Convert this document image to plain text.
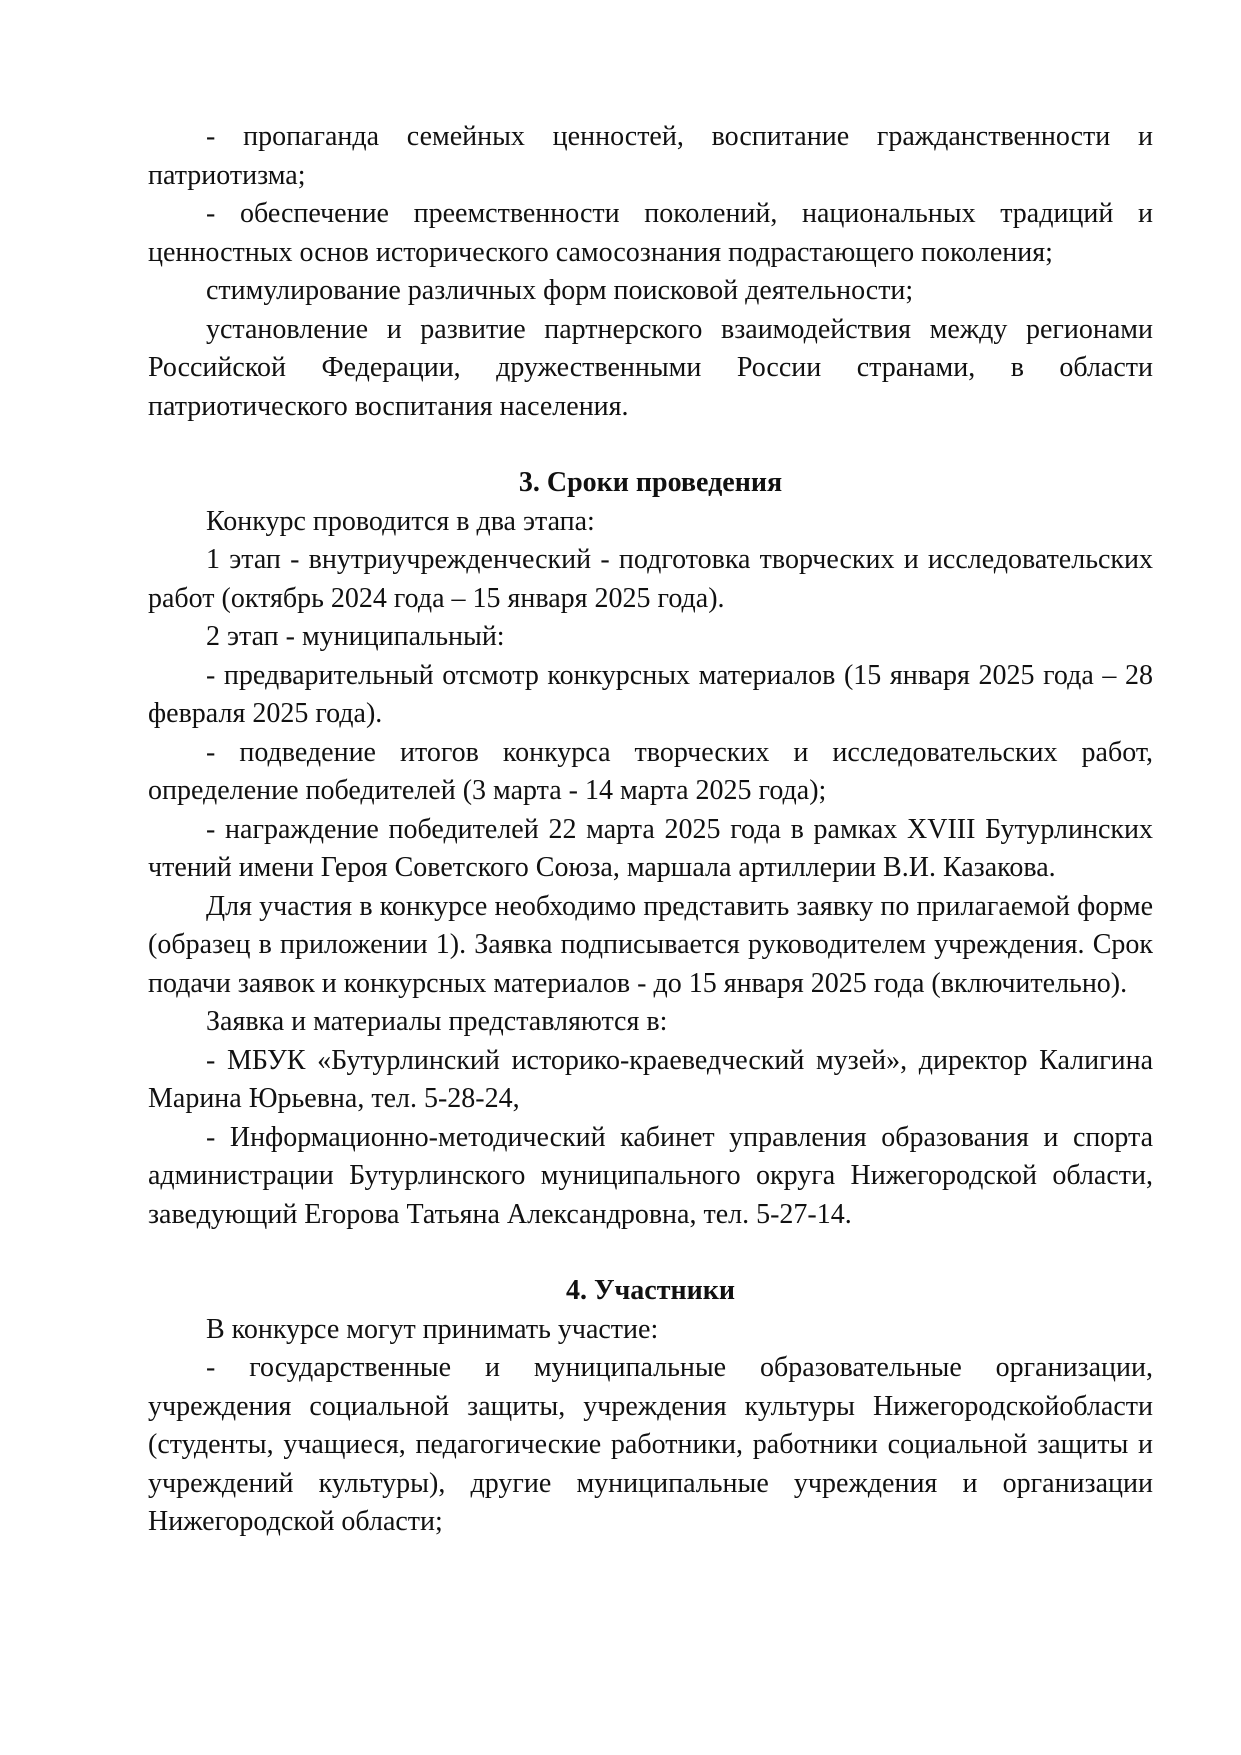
- пропаганда семейных ценностей, воспитание гражданственности и патриотизма;

- обеспечение преемственности поколений, национальных традиций и ценностных основ исторического самосознания подрастающего поколения;

стимулирование различных форм поисковой деятельности;

установление и развитие партнерского взаимодействия между регионами Российской Федерации, дружественными России странами, в области патриотического воспитания населения.

3. Сроки проведения

Конкурс проводится в два этапа:

1 этап - внутриучрежденческий - подготовка творческих и исследовательских работ (октябрь 2024 года – 15 января 2025 года).

2 этап - муниципальный:

- предварительный отсмотр конкурсных материалов (15 января 2025 года – 28 февраля 2025 года).

- подведение итогов конкурса творческих и исследовательских работ, определение победителей (3 марта - 14 марта 2025 года);

- награждение победителей 22 марта 2025 года в рамках XVIII Бутурлинских чтений имени Героя Советского Союза, маршала артиллерии В.И. Казакова.

Для участия в конкурсе необходимо представить заявку по прилагаемой форме (образец в приложении 1). Заявка подписывается руководителем учреждения. Срок подачи заявок и конкурсных материалов - до 15 января 2025 года (включительно).

Заявка и материалы представляются в:

- МБУК «Бутурлинский историко-краеведческий музей», директор Калигина Марина Юрьевна, тел. 5-28-24,

- Информационно-методический кабинет управления образования и спорта администрации Бутурлинского муниципального округа Нижегородской области, заведующий Егорова Татьяна Александровна, тел. 5-27-14.

4. Участники

В конкурсе могут принимать участие:

- государственные и муниципальные образовательные организации, учреждения социальной защиты, учреждения культуры Нижегородскойобласти (студенты, учащиеся, педагогические работники, работники социальной защиты и учреждений культуры), другие муниципальные учреждения и организации Нижегородской области;
